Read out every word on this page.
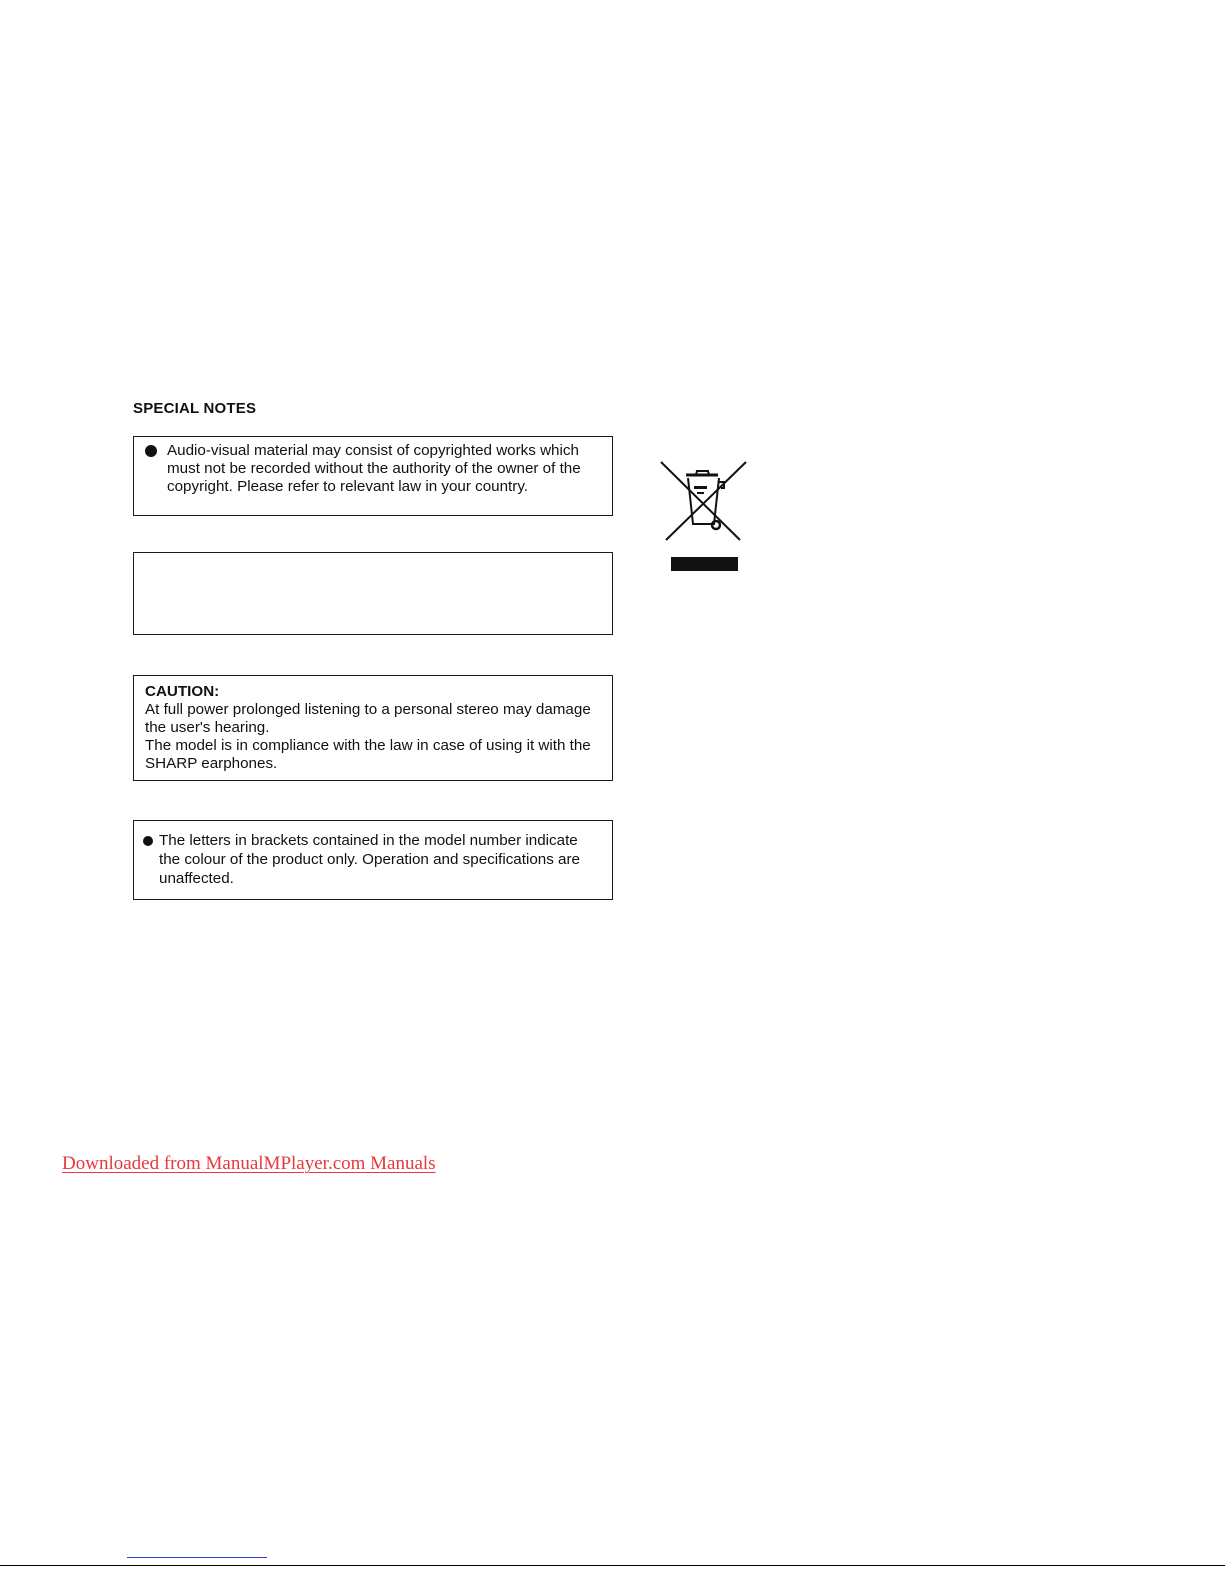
SPECIAL NOTES
Audio-visual material may consist of copyrighted works which must not be recorded without the authority of the owner of the copyright. Please refer to relevant law in your country.
CAUTION:
At full power prolonged listening to a personal stereo may damage the user's hearing.
The model is in compliance with the law in case of using it with the SHARP earphones.
The letters in brackets contained in the model number indicate the colour of the product only. Operation and specifications are unaffected.
Downloaded from ManualMPlayer.com Manuals
